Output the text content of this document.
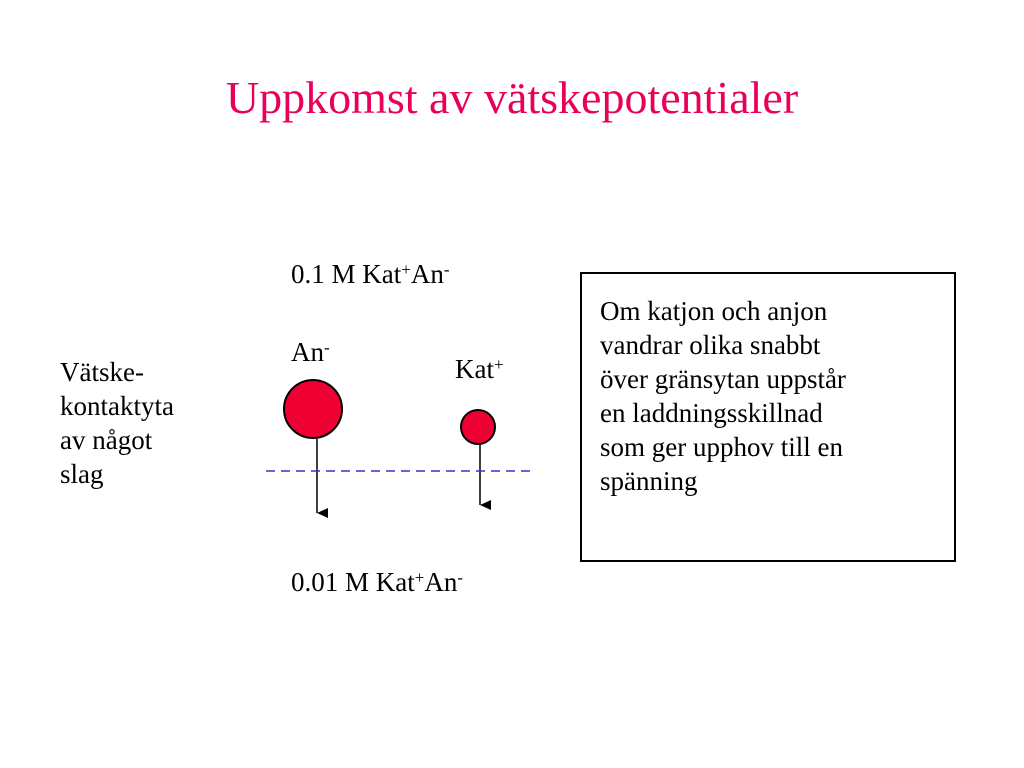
Uppkomst av vätskepotentialer
0.1 M Kat+An-
An-
Kat+
Vätske-
kontaktyta
av något
slag
0.01 M Kat+An-
Om katjon och anjon
vandrar olika snabbt
över gränsytan uppstår
en laddningsskillnad
som ger upphov till en
spänning
